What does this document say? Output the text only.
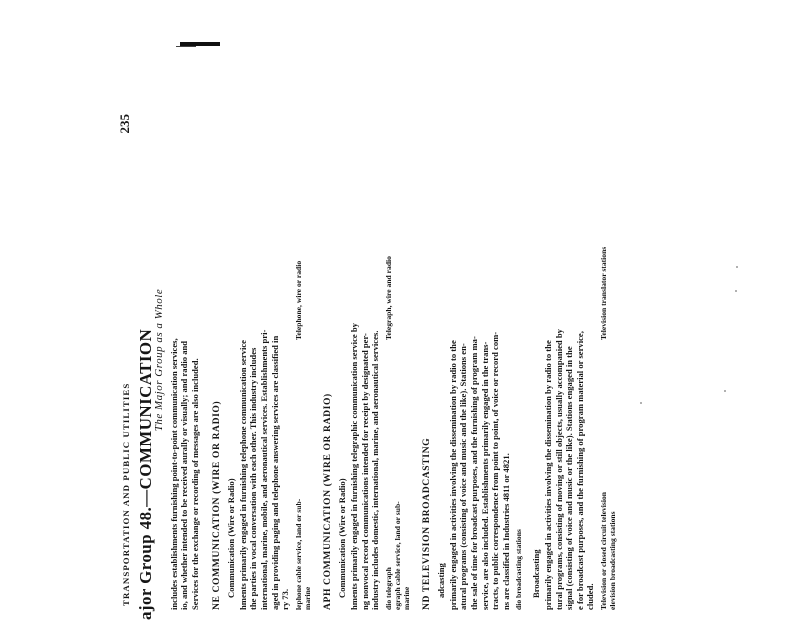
TRANSPORTATION AND PUBLIC UTILITIES
235
ajor Group 48.—COMMUNICATION
The Major Group as a Whole includes establishments furnishing point-to-point communication services, io, and whether intended to be received aurally or visually; and radio and Services for the exchange or recording of messages are also included. NE COMMUNICATION (WIRE OR RADIO) Communication (Wire or Radio) hments primarily engaged in furnishing telephone communication service the parties in vocal conversation with each other. This industry includes international, marine, mobile, and aeronautical services. Establishments pri- aged in providing paging and telephone answering services are classified in ry 73. lephone cable service, land or sub- marine
Telephone, wire or radio
APH COMMUNICATION (WIRE OR RADIO) Communication (Wire or Radio) hments primarily engaged in furnishing telegraphic communication service by ng nonvocal record communications intended for receipt by designated per- industry includes domestic, international, marine, and aeronautical services. dio telegraph egraph cable service, land or sub- marine
Telegraph, wire and radio
ND TELEVISION BROADCASTING adcasting primarily engaged in activities involving the dissemination by radio to the atural programs (consisting of voice and music and the like). Stations en- the sale of time for broadcast purposes, and the furnishing of program ma- service, are also included. Establishments primarily engaged in the trans- tracts, to public correspondence from point to point, of voice or record com- ns are classified in Industries 4811 or 4821. dio broadcasting stations Broadcasting primarily engaged in activities involving the dissemination by radio to the tural programs, consisting of moving or still objects, usually accompanied by signal (consisting of voice and music or the like). Stations engaged in the e for broadcast purposes, and the furnishing of program material or service, cluded. Television or closed circuit television elevision broadcasting stations
Television translator stations
